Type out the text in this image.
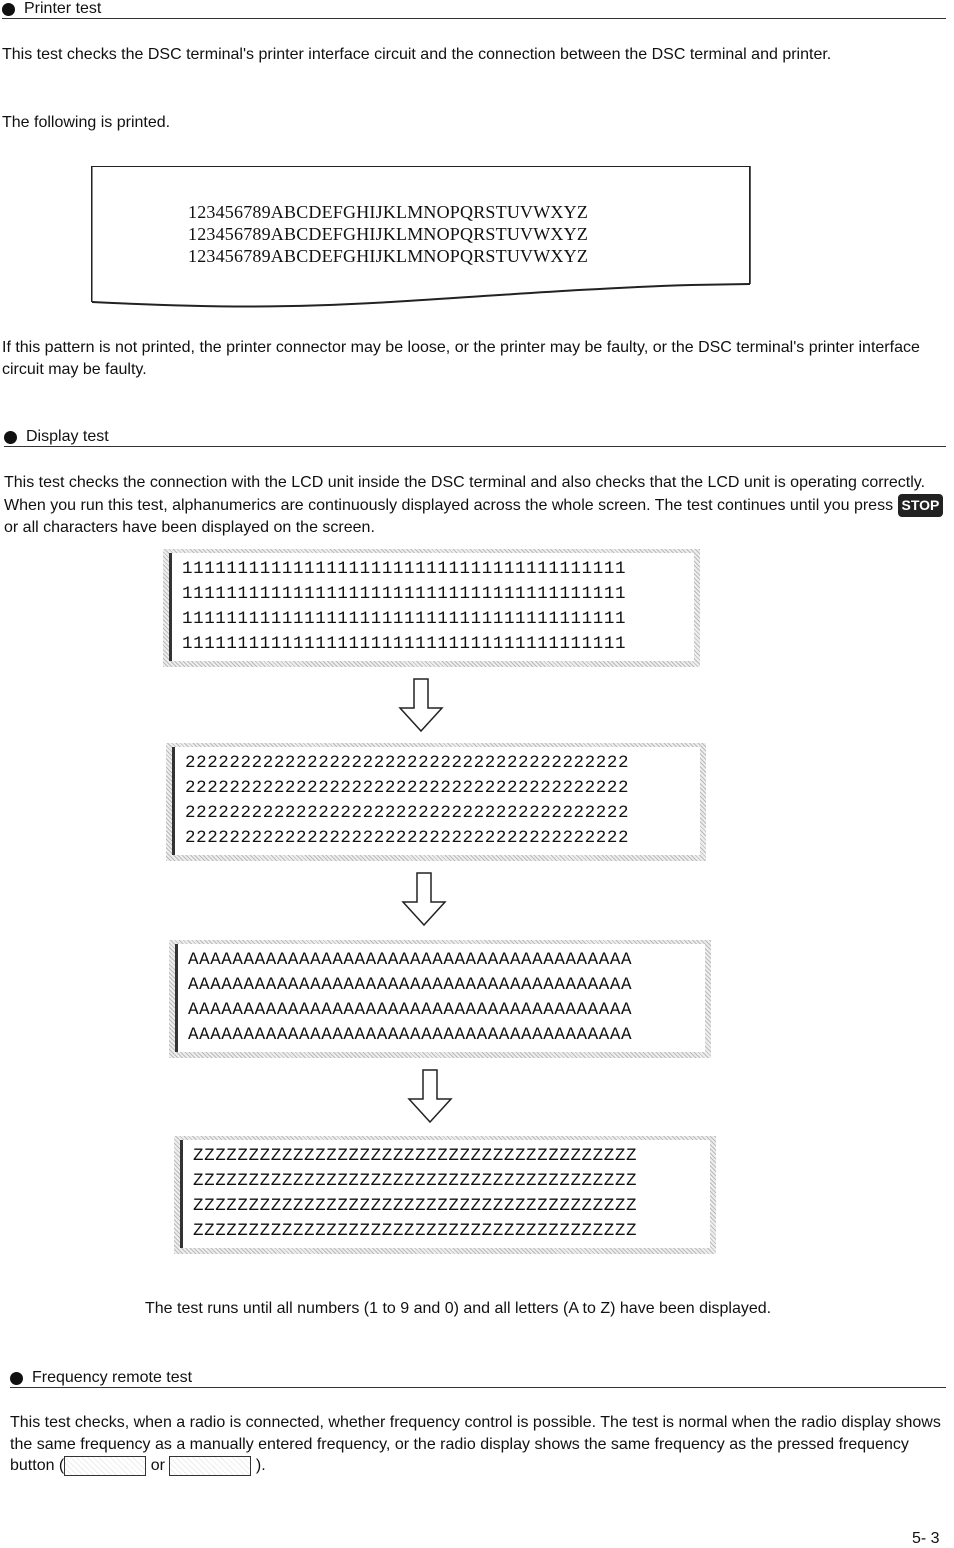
Printer test
This test checks the DSC terminal's printer interface circuit and the connection between the DSC terminal and printer.
The following is printed.
123456789ABCDEFGHIJKLMNOPQRSTUVWXYZ
123456789ABCDEFGHIJKLMNOPQRSTUVWXYZ
123456789ABCDEFGHIJKLMNOPQRSTUVWXYZ
If this pattern is not printed, the printer connector may be loose, or the printer may be faulty, or the DSC terminal's printer interface circuit may be faulty.
Display test
This test checks the connection with the LCD unit inside the DSC terminal and also checks that the LCD unit is operating correctly. When you run this test, alphanumerics are continuously displayed across the whole screen. The test continues until you press STOP or all characters have been displayed on the screen.
1111111111111111111111111111111111111111
1111111111111111111111111111111111111111
1111111111111111111111111111111111111111
1111111111111111111111111111111111111111
2222222222222222222222222222222222222222
2222222222222222222222222222222222222222
2222222222222222222222222222222222222222
2222222222222222222222222222222222222222
AAAAAAAAAAAAAAAAAAAAAAAAAAAAAAAAAAAAAAAA
AAAAAAAAAAAAAAAAAAAAAAAAAAAAAAAAAAAAAAAA
AAAAAAAAAAAAAAAAAAAAAAAAAAAAAAAAAAAAAAAA
AAAAAAAAAAAAAAAAAAAAAAAAAAAAAAAAAAAAAAAA
ZZZZZZZZZZZZZZZZZZZZZZZZZZZZZZZZZZZZZZZZ
ZZZZZZZZZZZZZZZZZZZZZZZZZZZZZZZZZZZZZZZZ
ZZZZZZZZZZZZZZZZZZZZZZZZZZZZZZZZZZZZZZZZ
ZZZZZZZZZZZZZZZZZZZZZZZZZZZZZZZZZZZZZZZZ
The test runs until all numbers (1 to 9 and 0) and all letters (A to Z) have been displayed.
Frequency remote test
This test checks, when a radio is connected, whether frequency control is possible. The test is normal when the radio display shows the same frequency as a manually entered frequency, or the radio display shows the same frequency as the pressed frequency button (	or	).
5- 3
